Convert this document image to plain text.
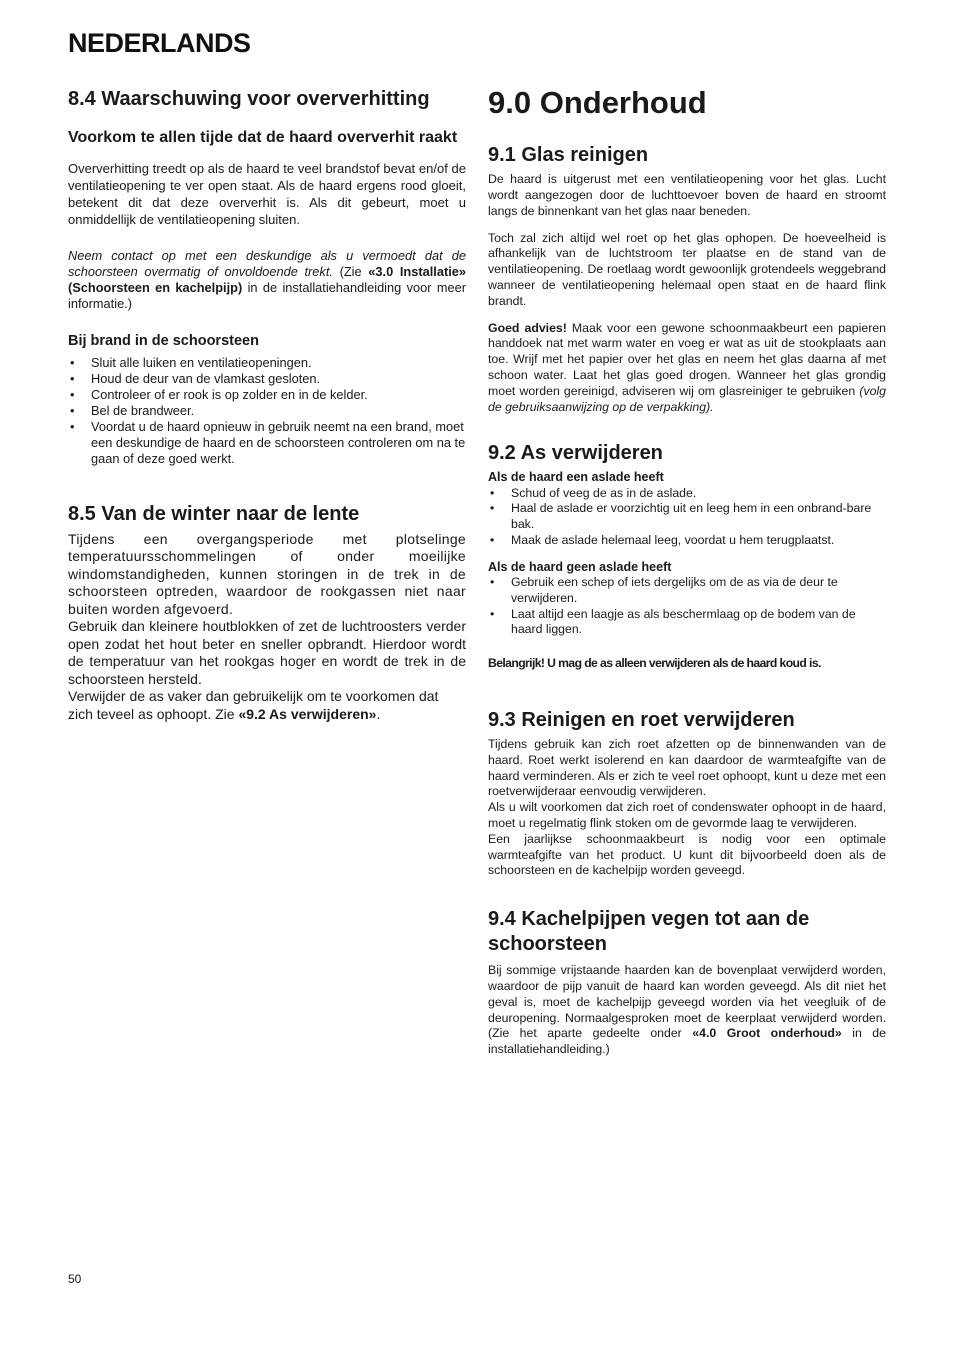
NEDERLANDS
8.4 Waarschuwing voor oververhitting
Voorkom te allen tijde dat de haard oververhit raakt

Oververhitting treedt op als de haard te veel brandstof bevat en/of de ventilatieopening te ver open staat. Als de haard ergens rood gloeit, betekent dit dat deze oververhit is. Als dit gebeurt, moet u onmiddellijk de ventilatieopening sluiten.

Neem contact op met een deskundige als u vermoedt dat de schoorsteen overmatig of onvoldoende trekt. (Zie «3.0 Installatie» (Schoorsteen en kachelpijp) in de installatiehandleiding voor meer informatie.)

Bij brand in de schoorsteen
• Sluit alle luiken en ventilatieopeningen.
• Houd de deur van de vlamkast gesloten.
• Controleer of er rook is op zolder en in de kelder.
• Bel de brandweer.
• Voordat u de haard opnieuw in gebruik neemt na een brand, moet een deskundige de haard en de schoorsteen controleren om na te gaan of deze goed werkt.
8.5 Van de winter naar de lente

Tijdens een overgangsperiode met plotselinge temperatuursschommelingen of onder moeilijke windomstandigheden, kunnen storingen in de trek in de schoorsteen optreden, waardoor de rookgassen niet naar buiten worden afgevoerd.

Gebruik dan kleinere houtblokken of zet de luchtroosters verder open zodat het hout beter en sneller opbrandt. Hierdoor wordt de temperatuur van het rookgas hoger en wordt de trek in de schoorsteen hersteld.

Verwijder de as vaker dan gebruikelijk om te voorkomen dat zich teveel as ophoopt. Zie «9.2 As verwijderen».

9.0 Onderhoud
9.1 Glas reinigen

De haard is uitgerust met een ventilatieopening voor het glas. Lucht wordt aangezogen door de luchttoevoer boven de haard en stroomt langs de binnenkant van het glas naar beneden.

Toch zal zich altijd wel roet op het glas ophopen. De hoeveelheid is afhankelijk van de luchtstroom ter plaatse en de stand van de ventilatieopening. De roetlaag wordt gewoonlijk grotendeels weggebrand wanneer de ventilatieopening helemaal open staat en de haard flink brandt.

Goed advies! Maak voor een gewone schoonmaakbeurt een papieren handdoek nat met warm water en voeg er wat as uit de stookplaats aan toe. Wrijf met het papier over het glas en neem het glas daarna af met schoon water. Laat het glas goed drogen. Wanneer het glas grondig moet worden gereinigd, adviseren wij om glasreiniger te gebruiken (volg de gebruiksaanwijzing op de verpakking).

9.2 As verwijderen
Als de haard een aslade heeft
• Schud of veeg de as in de aslade.
• Haal de aslade er voorzichtig uit en leeg hem in een onbrand-bare bak.
• Maak de aslade helemaal leeg, voordat u hem terugplaatst.
Als de haard geen aslade heeft
• Gebruik een schep of iets dergelijks om de as via de deur te verwijderen.
• Laat altijd een laagje as als beschermlaag op de bodem van de haard liggen.

Belangrijk! U mag de as alleen verwijderen als de haard koud is.

9.3 Reinigen en roet verwijderen

Tijdens gebruik kan zich roet afzetten op de binnenwanden van de haard. Roet werkt isolerend en kan daardoor de warmteafgifte van de haard verminderen. Als er zich te veel roet ophoopt, kunt u deze met een roetverwijderaar eenvoudig verwijderen.

Als u wilt voorkomen dat zich roet of condenswater ophoopt in de haard, moet u regelmatig flink stoken om de gevormde laag te verwijderen.

Een jaarlijkse schoonmaakbeurt is nodig voor een optimale warmteafgifte van het product. U kunt dit bijvoorbeeld doen als de schoorsteen en de kachelpijp worden geveegd.

9.4 Kachelpijpen vegen tot aan de schoorsteen

Bij sommige vrijstaande haarden kan de bovenplaat verwijderd worden, waardoor de pijp vanuit de haard kan worden geveegd. Als dit niet het geval is, moet de kachelpijp geveegd worden via het veegluik of de deuropening. Normaalgesproken moet de keerplaat verwijderd worden. (Zie het aparte gedeelte onder «4.0 Groot onderhoud» in de installatiehandleiding.)

50
